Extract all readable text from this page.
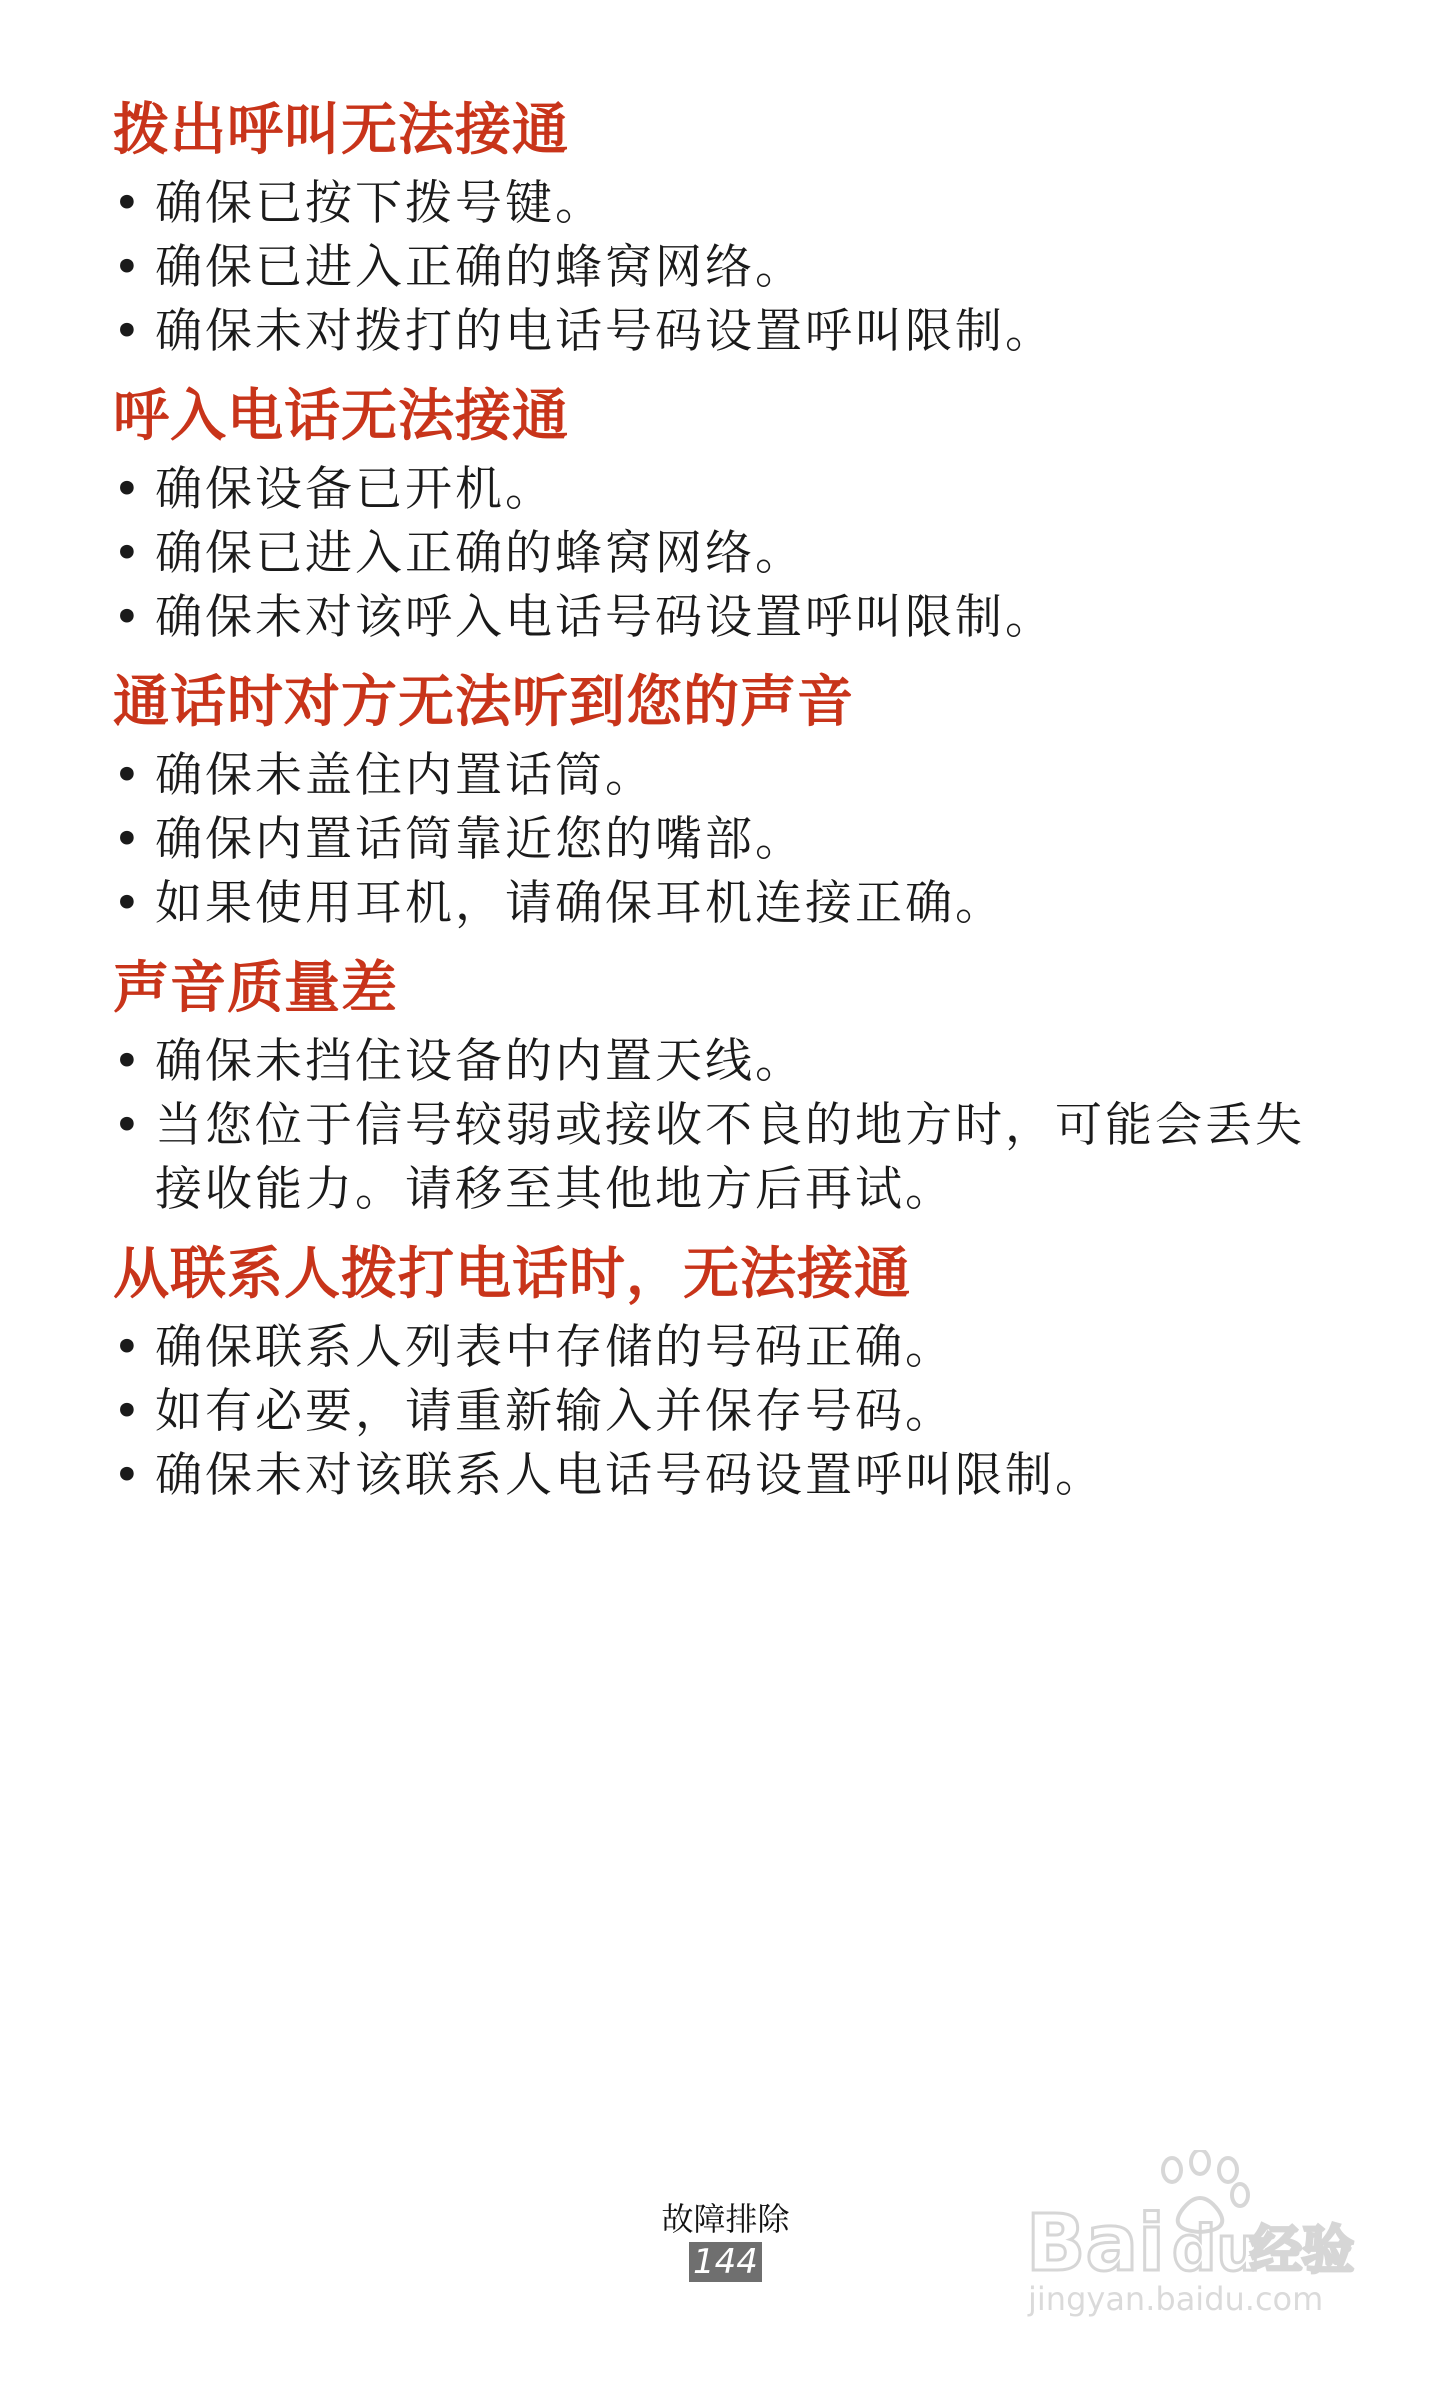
拨出呼叫无法接通
• 确保已按下拨号键。
• 确保已进入正确的蜂窝网络。
• 确保未对拨打的电话号码设置呼叫限制。
呼入电话无法接通
• 确保设备已开机。
• 确保已进入正确的蜂窝网络。
• 确保未对该呼入电话号码设置呼叫限制。
通话时对方无法听到您的声音
• 确保未盖住内置话筒。
• 确保内置话筒靠近您的嘴部。
• 如果使用耳机，请确保耳机连接正确。
声音质量差
• 确保未挡住设备的内置天线。
• 当您位于信号较弱或接收不良的地方时，可能会丢失接收能力。请移至其他地方后再试。
从联系人拨打电话时，无法接通
• 确保联系人列表中存储的号码正确。
• 如有必要，请重新输入并保存号码。
• 确保未对该联系人电话号码设置呼叫限制。
故障排除
144	Bai du
经验
jingyan.baidu.com
